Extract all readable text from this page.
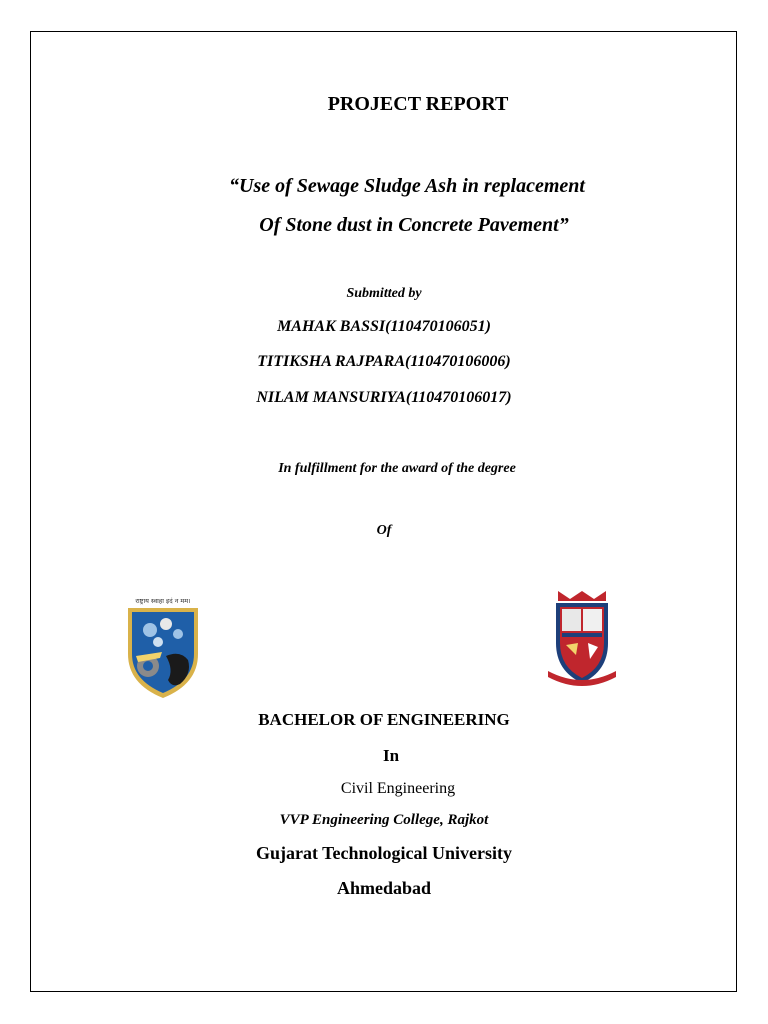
PROJECT REPORT
“Use of Sewage Sludge Ash in replacement
Of Stone dust in Concrete Pavement”
Submitted by
MAHAK BASSI(110470106051)
TITIKSHA RAJPARA(110470106006)
NILAM MANSURIYA(110470106017)
In fulfillment for the award of the degree
Of
राष्ट्राय स्वाहा इदं न मम।
BACHELOR OF ENGINEERING
In
Civil Engineering
VVP Engineering College, Rajkot
Gujarat Technological University
Ahmedabad
